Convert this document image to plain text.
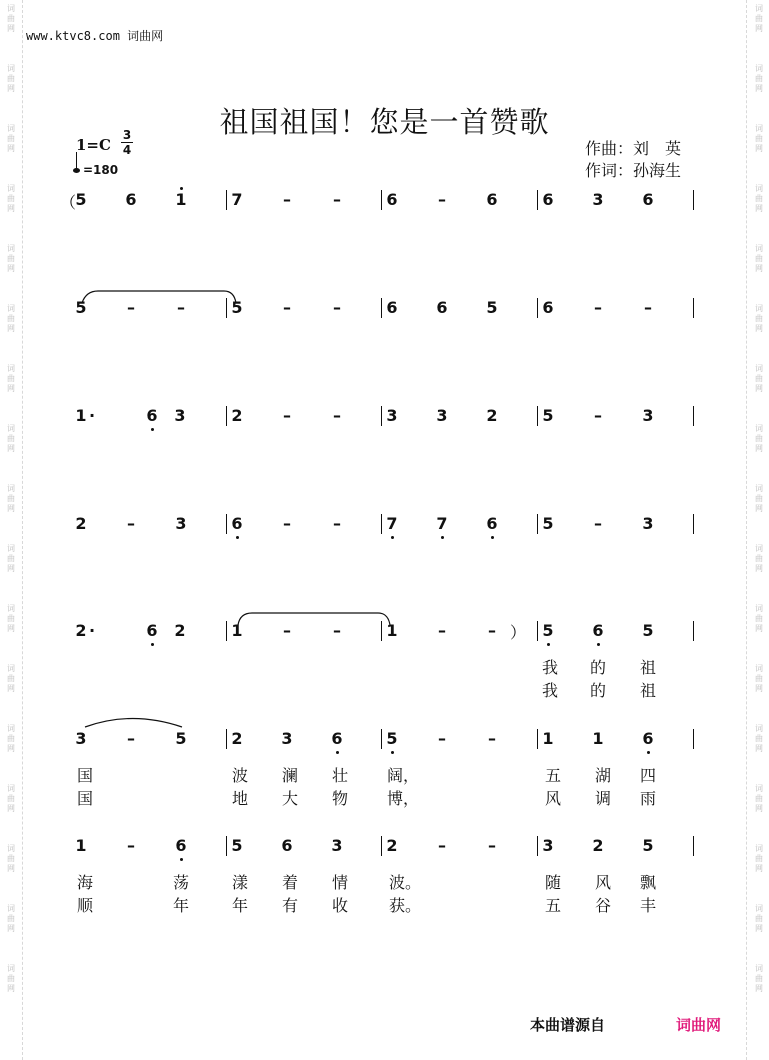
词
曲
网
词
曲
网
词
曲
网
词
曲
网
词
曲
网
词
曲
网
词
曲
网
词
曲
网
词
曲
网
词
曲
网
词
曲
网
词
曲
网
词
曲
网
词
曲
网
词
曲
网
词
曲
网
词
曲
网
词
曲
网
词
曲
网
词
曲
网
词
曲
网
词
曲
网
词
曲
网
词
曲
网
词
曲
网
词
曲
网
词
曲
网
词
曲
网
词
曲
网
词
曲
网
词
曲
网
词
曲
网
词
曲
网
词
曲
网
www.ktvc8.com 词曲网
祖国祖国！您是一首赞歌
作曲：刘　英
作词：孙海生
1=C
3
4
=180
5 6 1	7	–	–	6	–	6	6 3 6
5	–	–	5	–	–	6 6 5	6	–	–
1 ·	6 3	2	–	–	3 3 2	5	–	3
2	–	3	6	–	–	7 7 6	5	–	3
2 ·	6 2	1	–	–	1	–	–	5 6 5
3	–	5	2 3 6	5	–	–	1 1 6
1	–	6	5 6 3	2	–	–	3 2 5
（
）
我 的 祖
我 的 祖
国	波 澜 壮 阔，	五 湖 四
国	地 大 物 博，	风 调 雨
海	荡	漾 着 情	波。	随 风 飘
顺	年	年 有 收	获。	五 谷 丰
本曲谱源自	词曲网
